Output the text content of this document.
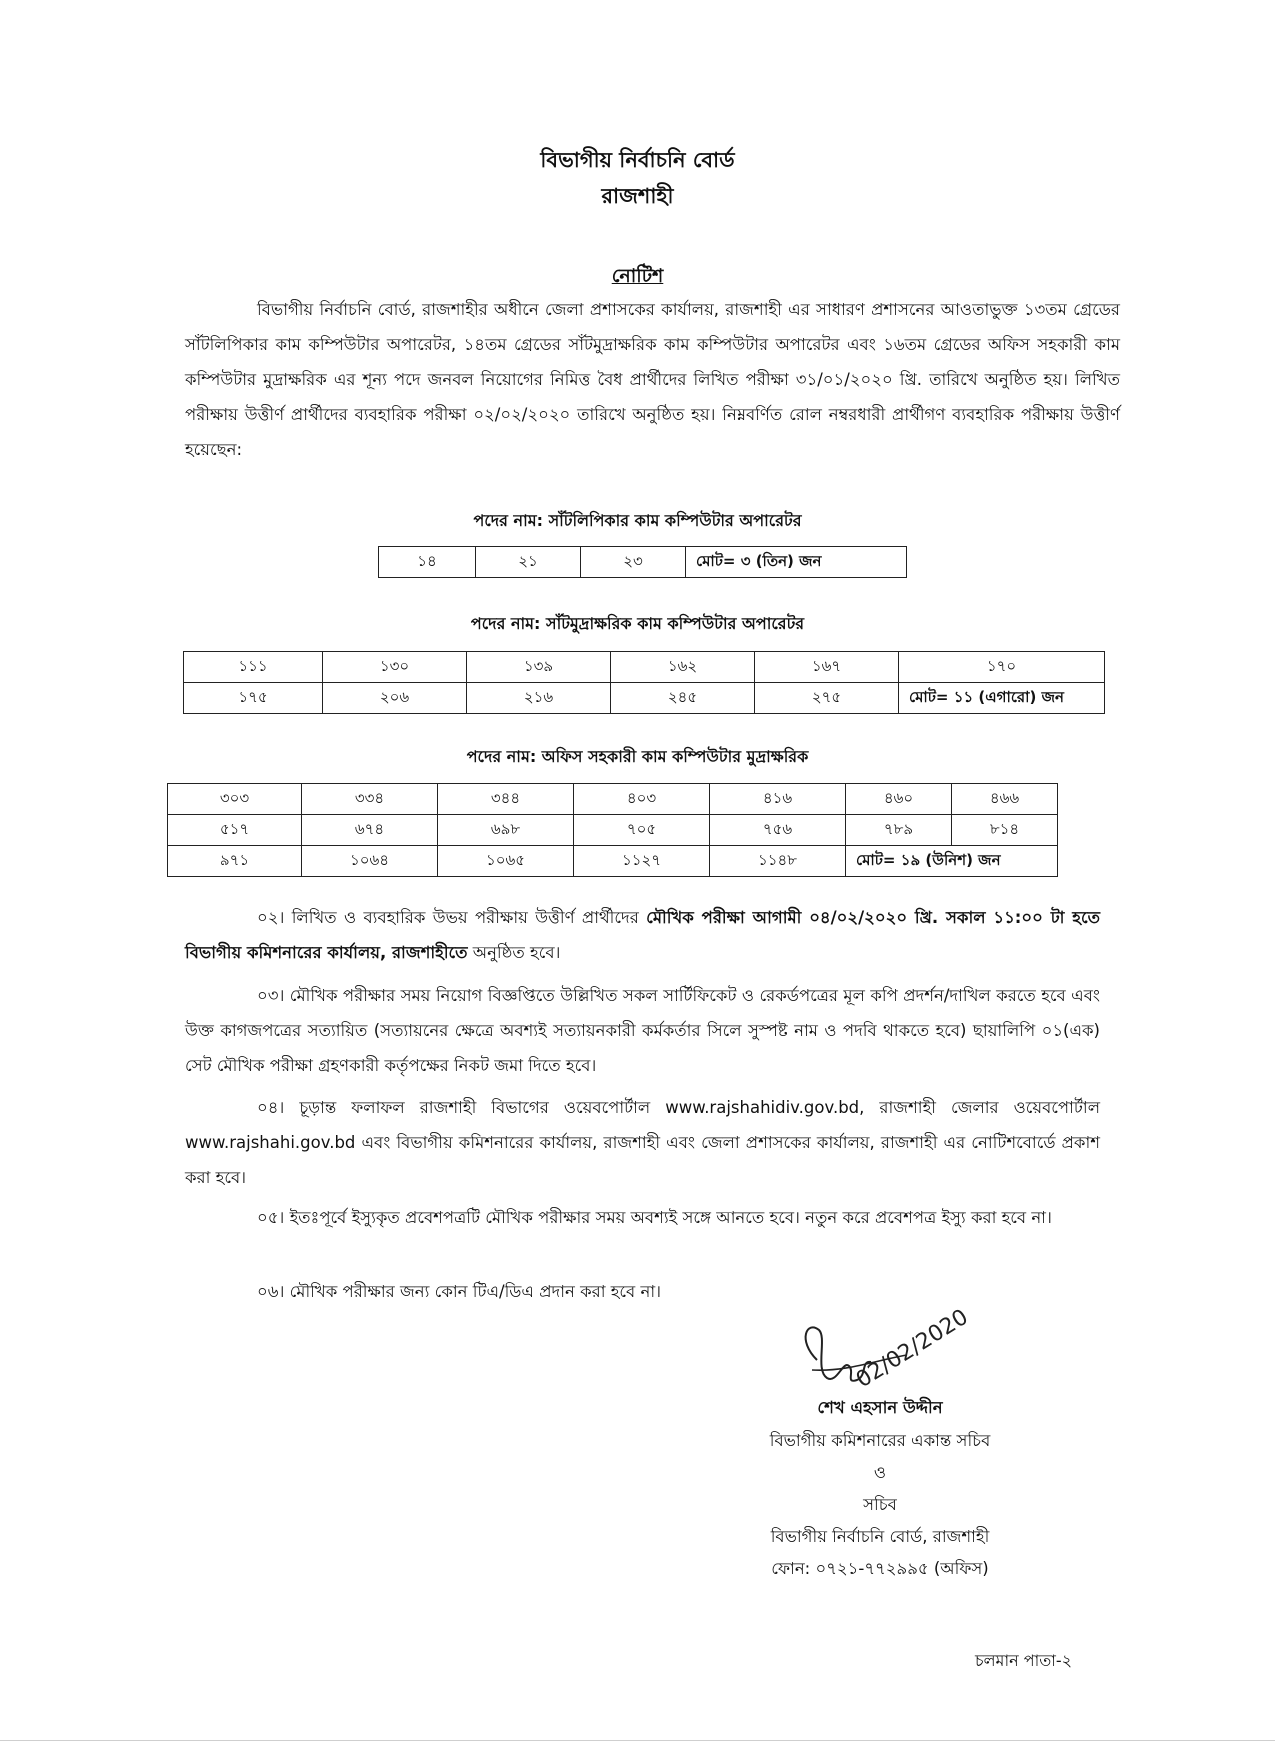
বিভাগীয় নির্বাচনি বোর্ড
রাজশাহী
নোটিশ
বিভাগীয় নির্বাচনি বোর্ড, রাজশাহীর অধীনে জেলা প্রশাসকের কার্যালয়, রাজশাহী এর সাধারণ প্রশাসনের আওতাভুক্ত ১৩তম গ্রেডের সাঁটলিপিকার কাম কম্পিউটার অপারেটর, ১৪তম গ্রেডের সাঁটমুদ্রাক্ষরিক কাম কম্পিউটার অপারেটর এবং ১৬তম গ্রেডের অফিস সহকারী কাম কম্পিউটার মুদ্রাক্ষরিক এর শূন্য পদে জনবল নিয়োগের নিমিত্ত বৈধ প্রার্থীদের লিখিত পরীক্ষা ৩১/০১/২০২০ খ্রি. তারিখে অনুষ্ঠিত হয়। লিখিত পরীক্ষায় উত্তীর্ণ প্রার্থীদের ব্যবহারিক পরীক্ষা ০২/০২/২০২০ তারিখে অনুষ্ঠিত হয়। নিম্নবর্ণিত রোল নম্বরধারী প্রার্থীগণ ব্যবহারিক পরীক্ষায় উত্তীর্ণ হয়েছেন:
পদের নাম: সাঁটলিপিকার কাম কম্পিউটার অপারেটর
১৪	২১	২৩	মোট= ৩ (তিন) জন
পদের নাম: সাঁটমুদ্রাক্ষরিক কাম কম্পিউটার অপারেটর
১১১	১৩০	১৩৯	১৬২	১৬৭	১৭০
১৭৫	২০৬	২১৬	২৪৫	২৭৫	মোট= ১১ (এগারো) জন
পদের নাম: অফিস সহকারী কাম কম্পিউটার মুদ্রাক্ষরিক
৩০৩	৩৩৪	৩৪৪	৪০৩	৪১৬	৪৬০	৪৬৬
৫১৭	৬৭৪	৬৯৮	৭০৫	৭৫৬	৭৮৯	৮১৪
৯৭১	১০৬৪	১০৬৫	১১২৭	১১৪৮	মোট= ১৯ (উনিশ) জন	
০২। লিখিত ও ব্যবহারিক উভয় পরীক্ষায় উত্তীর্ণ প্রার্থীদের মৌখিক পরীক্ষা আগামী ০৪/০২/২০২০ খ্রি. সকাল ১১:০০ টা হতে বিভাগীয় কমিশনারের কার্যালয়, রাজশাহীতে অনুষ্ঠিত হবে।
০৩। মৌখিক পরীক্ষার সময় নিয়োগ বিজ্ঞপ্তিতে উল্লিখিত সকল সার্টিফিকেট ও রেকর্ডপত্রের মূল কপি প্রদর্শন/দাখিল করতে হবে এবং উক্ত কাগজপত্রের সত্যায়িত (সত্যায়নের ক্ষেত্রে অবশ্যই সত্যায়নকারী কর্মকর্তার সিলে সুস্পষ্ট নাম ও পদবি থাকতে হবে) ছায়ালিপি ০১(এক) সেট মৌখিক পরীক্ষা গ্রহণকারী কর্তৃপক্ষের নিকট জমা দিতে হবে।
০৪। চূড়ান্ত ফলাফল রাজশাহী বিভাগের ওয়েবপোর্টাল www.rajshahidiv.gov.bd, রাজশাহী জেলার ওয়েবপোর্টাল www.rajshahi.gov.bd এবং বিভাগীয় কমিশনারের কার্যালয়, রাজশাহী এবং জেলা প্রশাসকের কার্যালয়, রাজশাহী এর নোটিশবোর্ডে প্রকাশ করা হবে।
০৫। ইতঃপূর্বে ইস্যুকৃত প্রবেশপত্রটি মৌখিক পরীক্ষার সময় অবশ্যই সঙ্গে আনতে হবে। নতুন করে প্রবেশপত্র ইস্যু করা হবে না।
০৬। মৌখিক পরীক্ষার জন্য কোন টিএ/ডিএ প্রদান করা হবে না।
02/02/2020
শেখ এহসান উদ্দীন
বিভাগীয় কমিশনারের একান্ত সচিব
ও
সচিব
বিভাগীয় নির্বাচনি বোর্ড, রাজশাহী
ফোন: ০৭২১-৭৭২৯৯৫ (অফিস)
চলমান পাতা-২
